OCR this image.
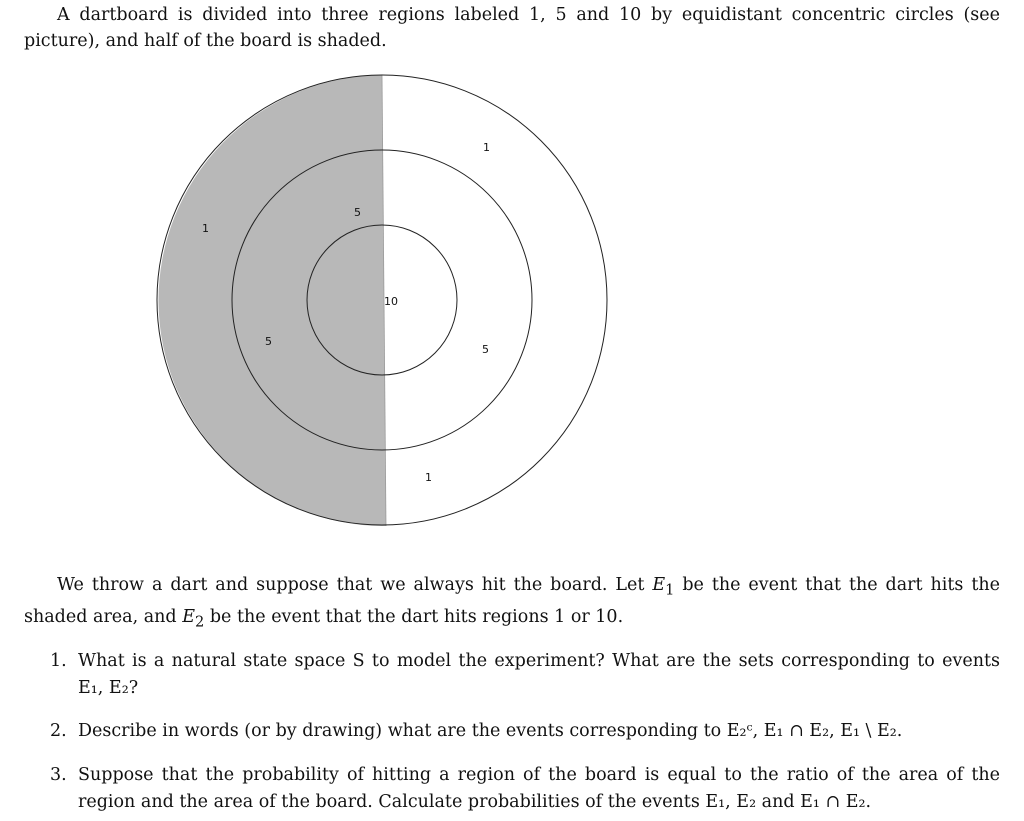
A dartboard is divided into three regions labeled 1, 5 and 10 by equidistant concentric circles (see picture), and half of the board is shaded.
1
5
5
10
1
5
1
We throw a dart and suppose that we always hit the board. Let $E_1$ be the event that the dart hits the shaded area, and $E_2$ be the event that the dart hits regions 1 or 10.
1. What is a natural state space S to model the experiment? What are the sets corresponding to events E₁, E₂?
2. Describe in words (or by drawing) what are the events corresponding to E₂ᶜ, E₁ ∩ E₂, E₁ \ E₂.
3. Suppose that the probability of hitting a region of the board is equal to the ratio of the area of the region and the area of the board. Calculate probabilities of the events E₁, E₂ and E₁ ∩ E₂.
